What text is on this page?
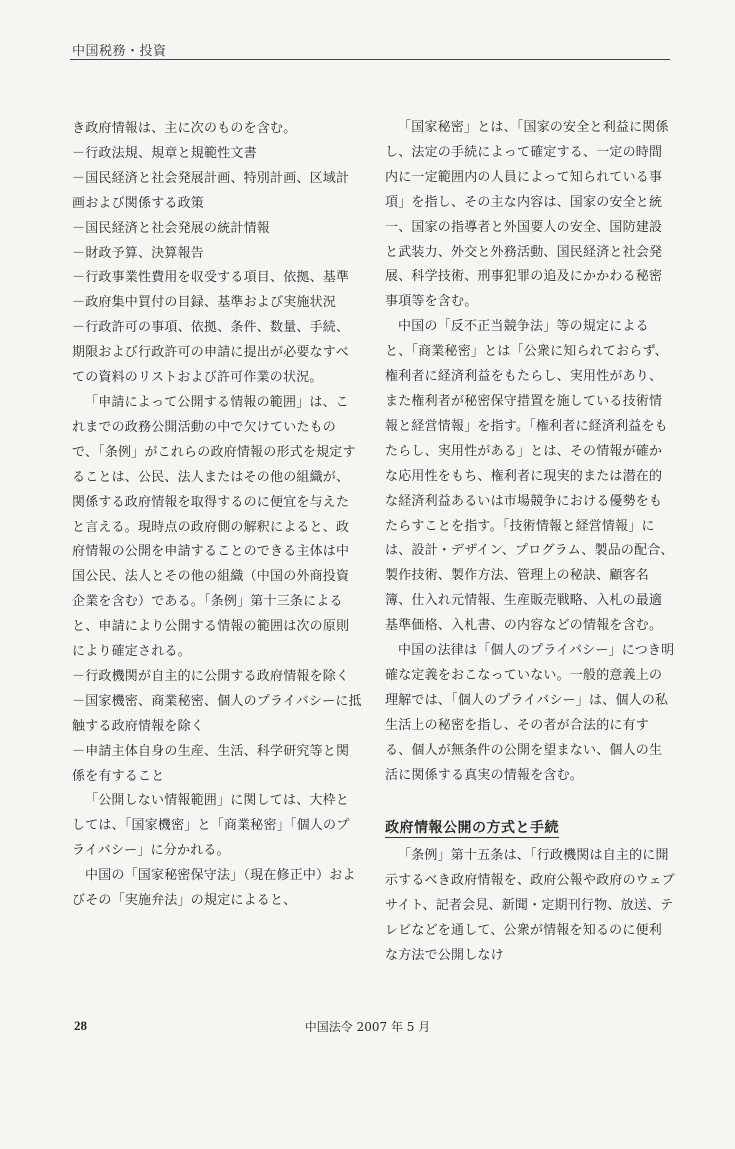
中国税務・投資

き政府情報は、主に次のものを含む。

－行政法規、規章と規範性文書

－国民経済と社会発展計画、特別計画、区域計画および関係する政策

－国民経済と社会発展の統計情報

－財政予算、決算報告

－行政事業性費用を収受する項目、依拠、基準

－政府集中買付の目録、基準および実施状況

－行政許可の事項、依拠、条件、数量、手続、期限および行政許可の申請に提出が必要なすべての資料のリストおよび許可作業の状況。

「申請によって公開する情報の範囲」は、これまでの政務公開活動の中で欠けていたもので、「条例」がこれらの政府情報の形式を規定することは、公民、法人またはその他の組織が、関係する政府情報を取得するのに便宜を与えたと言える。現時点の政府側の解釈によると、政府情報の公開を申請することのできる主体は中国公民、法人とその他の組織（中国の外商投資企業を含む）である。「条例」第十三条によると、申請により公開する情報の範囲は次の原則により確定される。

－行政機関が自主的に公開する政府情報を除く

－国家機密、商業秘密、個人のプライバシーに抵触する政府情報を除く

－申請主体自身の生産、生活、科学研究等と関係を有すること

「公開しない情報範囲」に関しては、大枠としては、「国家機密」と「商業秘密」「個人のプライバシー」に分かれる。

中国の「国家秘密保守法」（現在修正中）およびその「実施弁法」の規定によると、

「国家秘密」とは、「国家の安全と利益に関係し、法定の手続によって確定する、一定の時間内に一定範囲内の人員によって知られている事項」を指し、その主な内容は、国家の安全と統一、国家の指導者と外国要人の安全、国防建設と武装力、外交と外務活動、国民経済と社会発展、科学技術、刑事犯罪の追及にかかわる秘密事項等を含む。

中国の「反不正当競争法」等の規定によると、「商業秘密」とは「公衆に知られておらず、権利者に経済利益をもたらし、実用性があり、また権利者が秘密保守措置を施している技術情報と経営情報」を指す。「権利者に経済利益をもたらし、実用性がある」とは、その情報が確かな応用性をもち、権利者に現実的または潜在的な経済利益あるいは市場競争における優勢をもたらすことを指す。「技術情報と経営情報」には、設計・デザイン、プログラム、製品の配合、製作技術、製作方法、管理上の秘訣、顧客名簿、仕入れ元情報、生産販売戦略、入札の最適基準価格、入札書、の内容などの情報を含む。

中国の法律は「個人のプライバシー」につき明確な定義をおこなっていない。一般的意義上の理解では、「個人のプライバシー」は、個人の私生活上の秘密を指し、その者が合法的に有する、個人が無条件の公開を望まない、個人の生活に関係する真実の情報を含む。

政府情報公開の方式と手続

「条例」第十五条は、「行政機関は自主的に開示するべき政府情報を、政府公報や政府のウェブサイト、記者会見、新聞・定期刊行物、放送、テレビなどを通して、公衆が情報を知るのに便利な方法で公開しなけ

28	中国法令 2007 年 5 月
